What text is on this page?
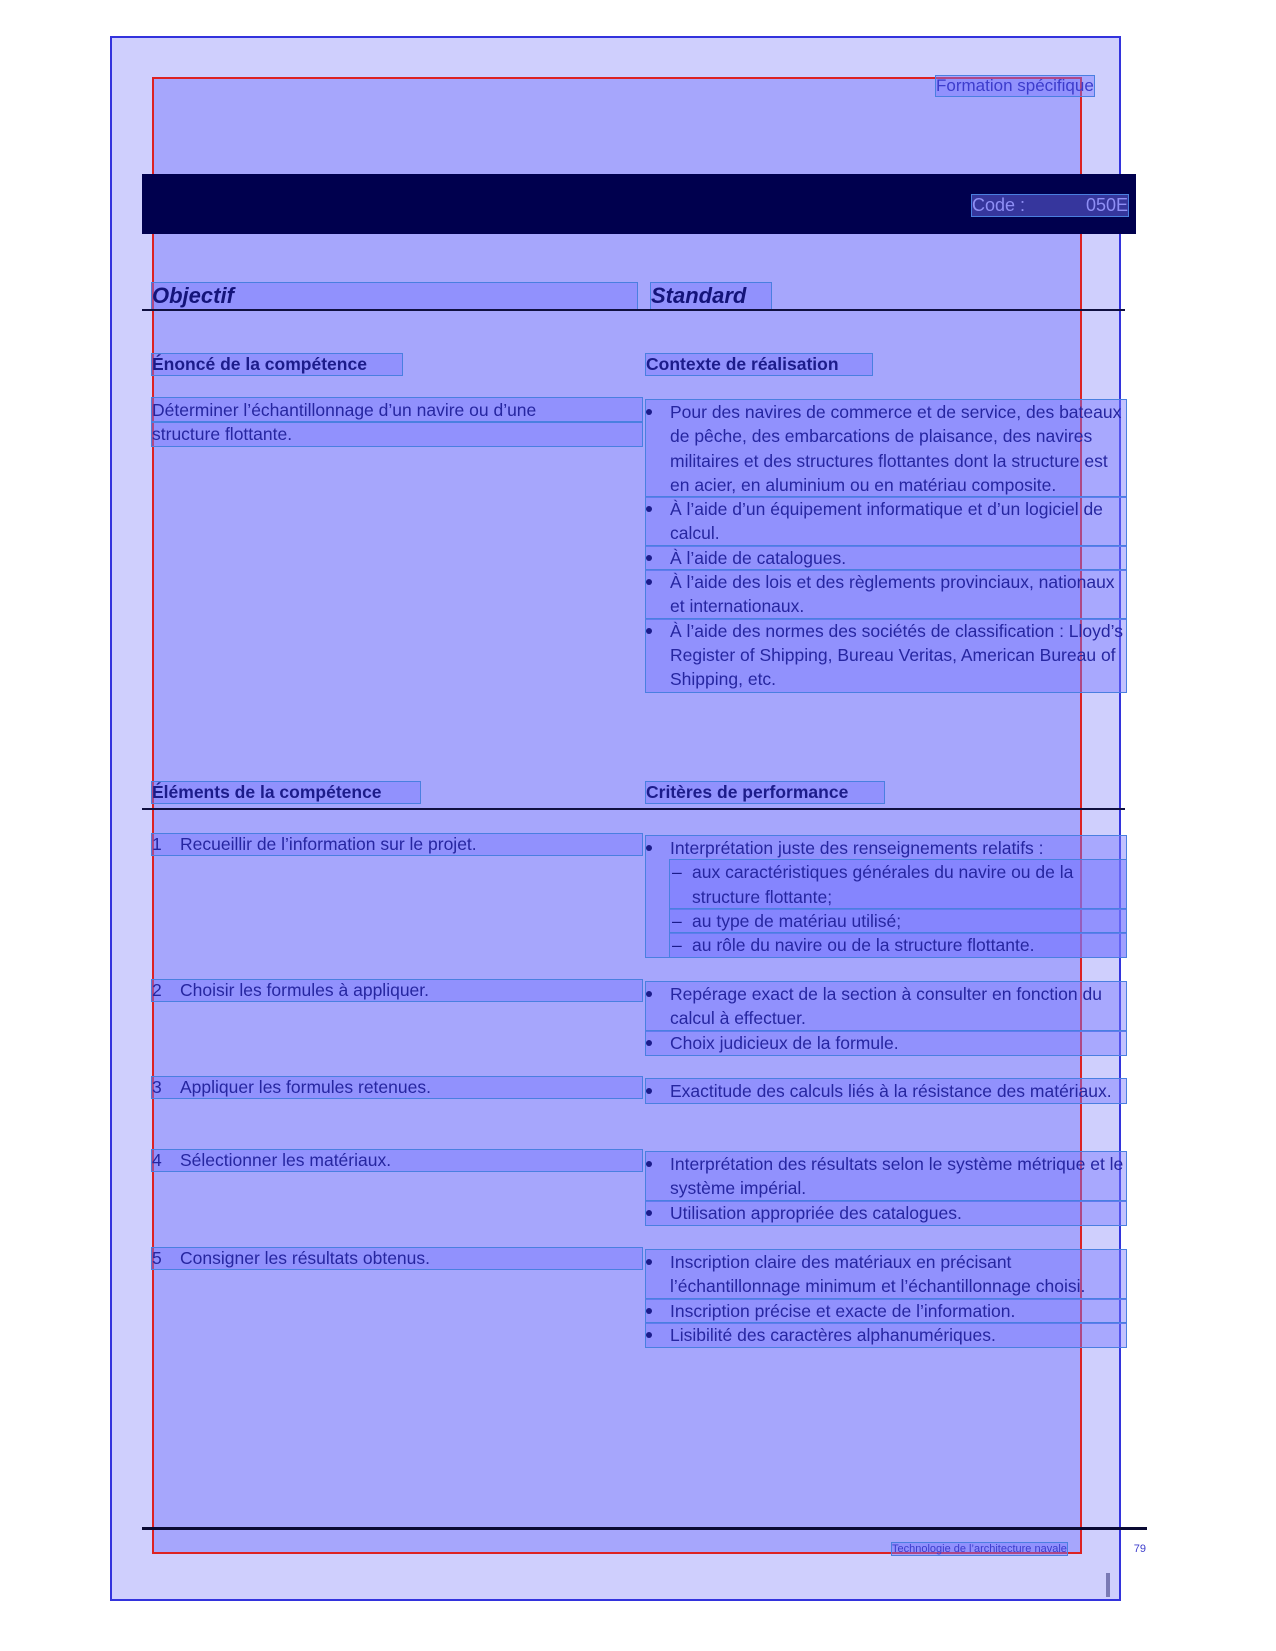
Formation spécifique
Code :	050E
Objectif	Standard
Énoncé de la compétence	Contexte de réalisation
Déterminer l’échantillonnage d’un navire ou d’une
structure flottante.
Pour des navires de commerce et de service, des bateaux de pêche, des embarcations de plaisance, des navires militaires et des structures flottantes dont la structure est en acier, en aluminium ou en matériau composite.
À l’aide d’un équipement informatique et d’un logiciel de calcul.
À l’aide de catalogues.
À l’aide des lois et des règlements provinciaux, nationaux et internationaux.
À l’aide des normes des sociétés de classification : Lloyd’s Register of Shipping, Bureau Veritas, American Bureau of Shipping, etc.
Éléments de la compétence	Critères de performance
1 Recueillir de l’information sur le projet.	Interprétation juste des renseignements relatifs :
– aux caractéristiques générales du navire ou de la structure flottante;
– au type de matériau utilisé;
– au rôle du navire ou de la structure flottante.
2 Choisir les formules à appliquer.	Repérage exact de la section à consulter en fonction du calcul à effectuer.
Choix judicieux de la formule.
3 Appliquer les formules retenues.	Exactitude des calculs liés à la résistance des matériaux.
4 Sélectionner les matériaux.	Interprétation des résultats selon le système métrique et le système impérial.
Utilisation appropriée des catalogues.
5 Consigner les résultats obtenus.	Inscription claire des matériaux en précisant l’échantillonnage minimum et l’échantillonnage choisi.
Inscription précise et exacte de l’information.
Lisibilité des caractères alphanumériques.
Technologie de l’architecture navale	79
